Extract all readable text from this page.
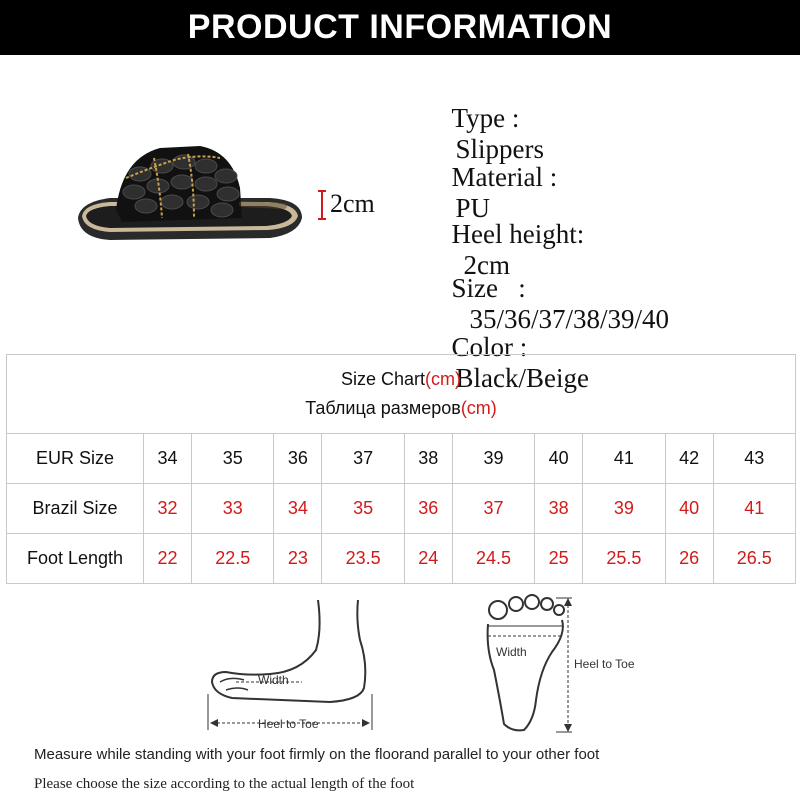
PRODUCT INFORMATION
2cm

Type :
Slippers

Material :
PU

Heel height:
2cm

Size   :
35/36/37/38/39/40

Color :
Black/Beige

Size Chart(cm)
Таблица размеров(cm)										
EUR Size	34	35	36	37	38	39	40	41	42	43
Brazil Size	32	33	34	35	36	37	38	39	40	41
Foot Length	22	22.5	23	23.5	24	24.5	25	25.5	26	26.5
Width
Heel to Toe
Width
Heel to Toe
Measure while standing with your foot firmly on the floorand parallel to your other foot
Please choose the size according to the actual length of the foot
